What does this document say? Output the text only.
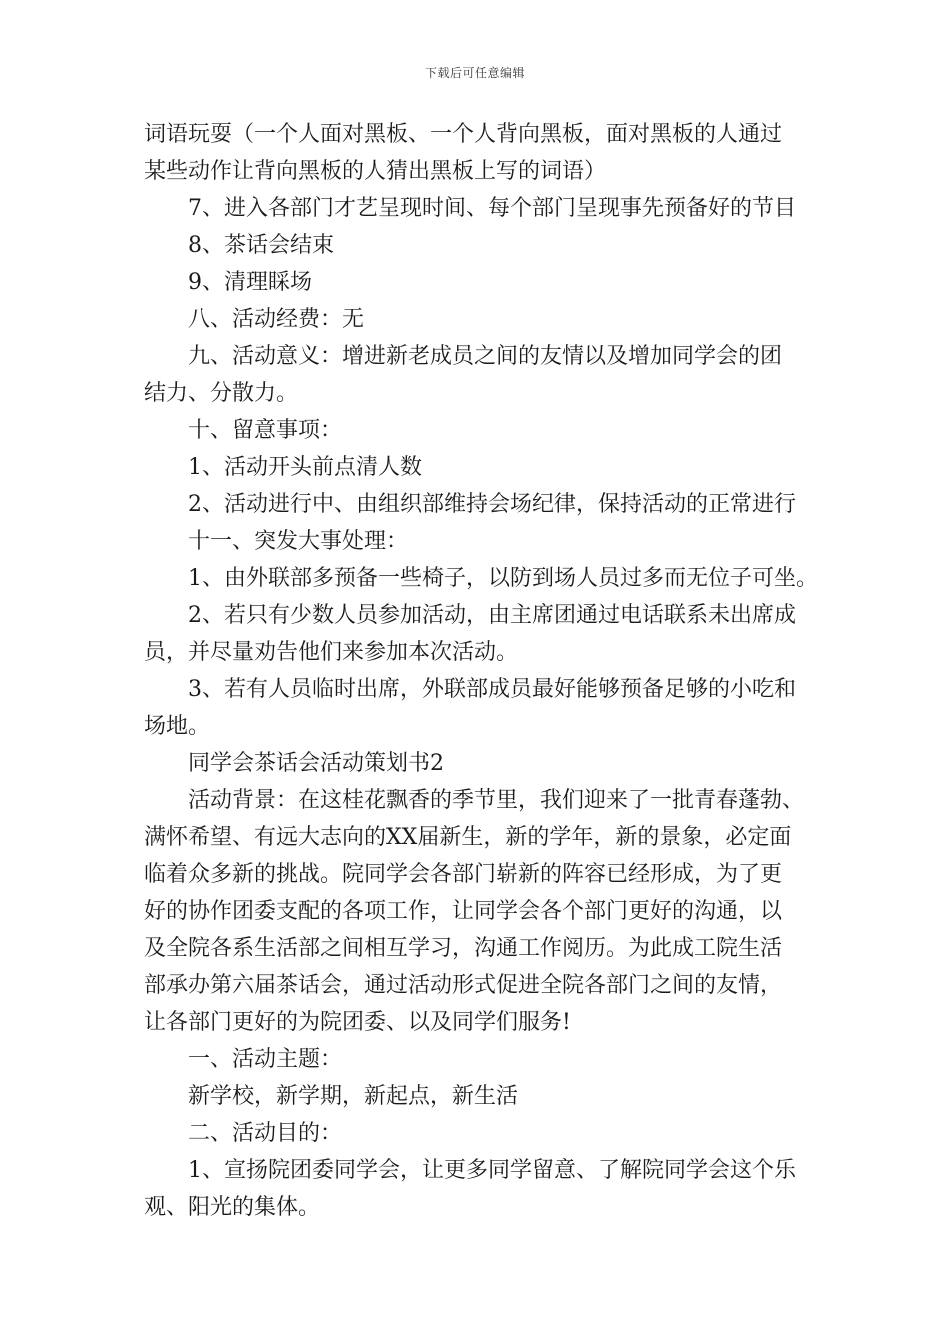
下载后可任意编辑

词语玩耍（一个人面对黑板、一个人背向黑板，面对黑板的人通过

某些动作让背向黑板的人猜出黑板上写的词语）

7、进入各部门才艺呈现时间、每个部门呈现事先预备好的节目

8、茶话会结束

9、清理睬场

八、活动经费：无

九、活动意义：增进新老成员之间的友情以及增加同学会的团

结力、分散力。

十、留意事项：

1、活动开头前点清人数

2、活动进行中、由组织部维持会场纪律，保持活动的正常进行

十一、突发大事处理：

1、由外联部多预备一些椅子，以防到场人员过多而无位子可坐。

2、若只有少数人员参加活动，由主席团通过电话联系未出席成

员，并尽量劝告他们来参加本次活动。

3、若有人员临时出席，外联部成员最好能够预备足够的小吃和

场地。

同学会茶话会活动策划书2

活动背景：在这桂花飘香的季节里，我们迎来了一批青春蓬勃、

满怀希望、有远大志向的XX届新生，新的学年，新的景象，必定面

临着众多新的挑战。院同学会各部门崭新的阵容已经形成，为了更

好的协作团委支配的各项工作，让同学会各个部门更好的沟通，以

及全院各系生活部之间相互学习，沟通工作阅历。为此成工院生活

部承办第六届茶话会，通过活动形式促进全院各部门之间的友情，

让各部门更好的为院团委、以及同学们服务!

一、活动主题：

新学校，新学期，新起点，新生活

二、活动目的：

1、宣扬院团委同学会，让更多同学留意、了解院同学会这个乐

观、阳光的集体。
